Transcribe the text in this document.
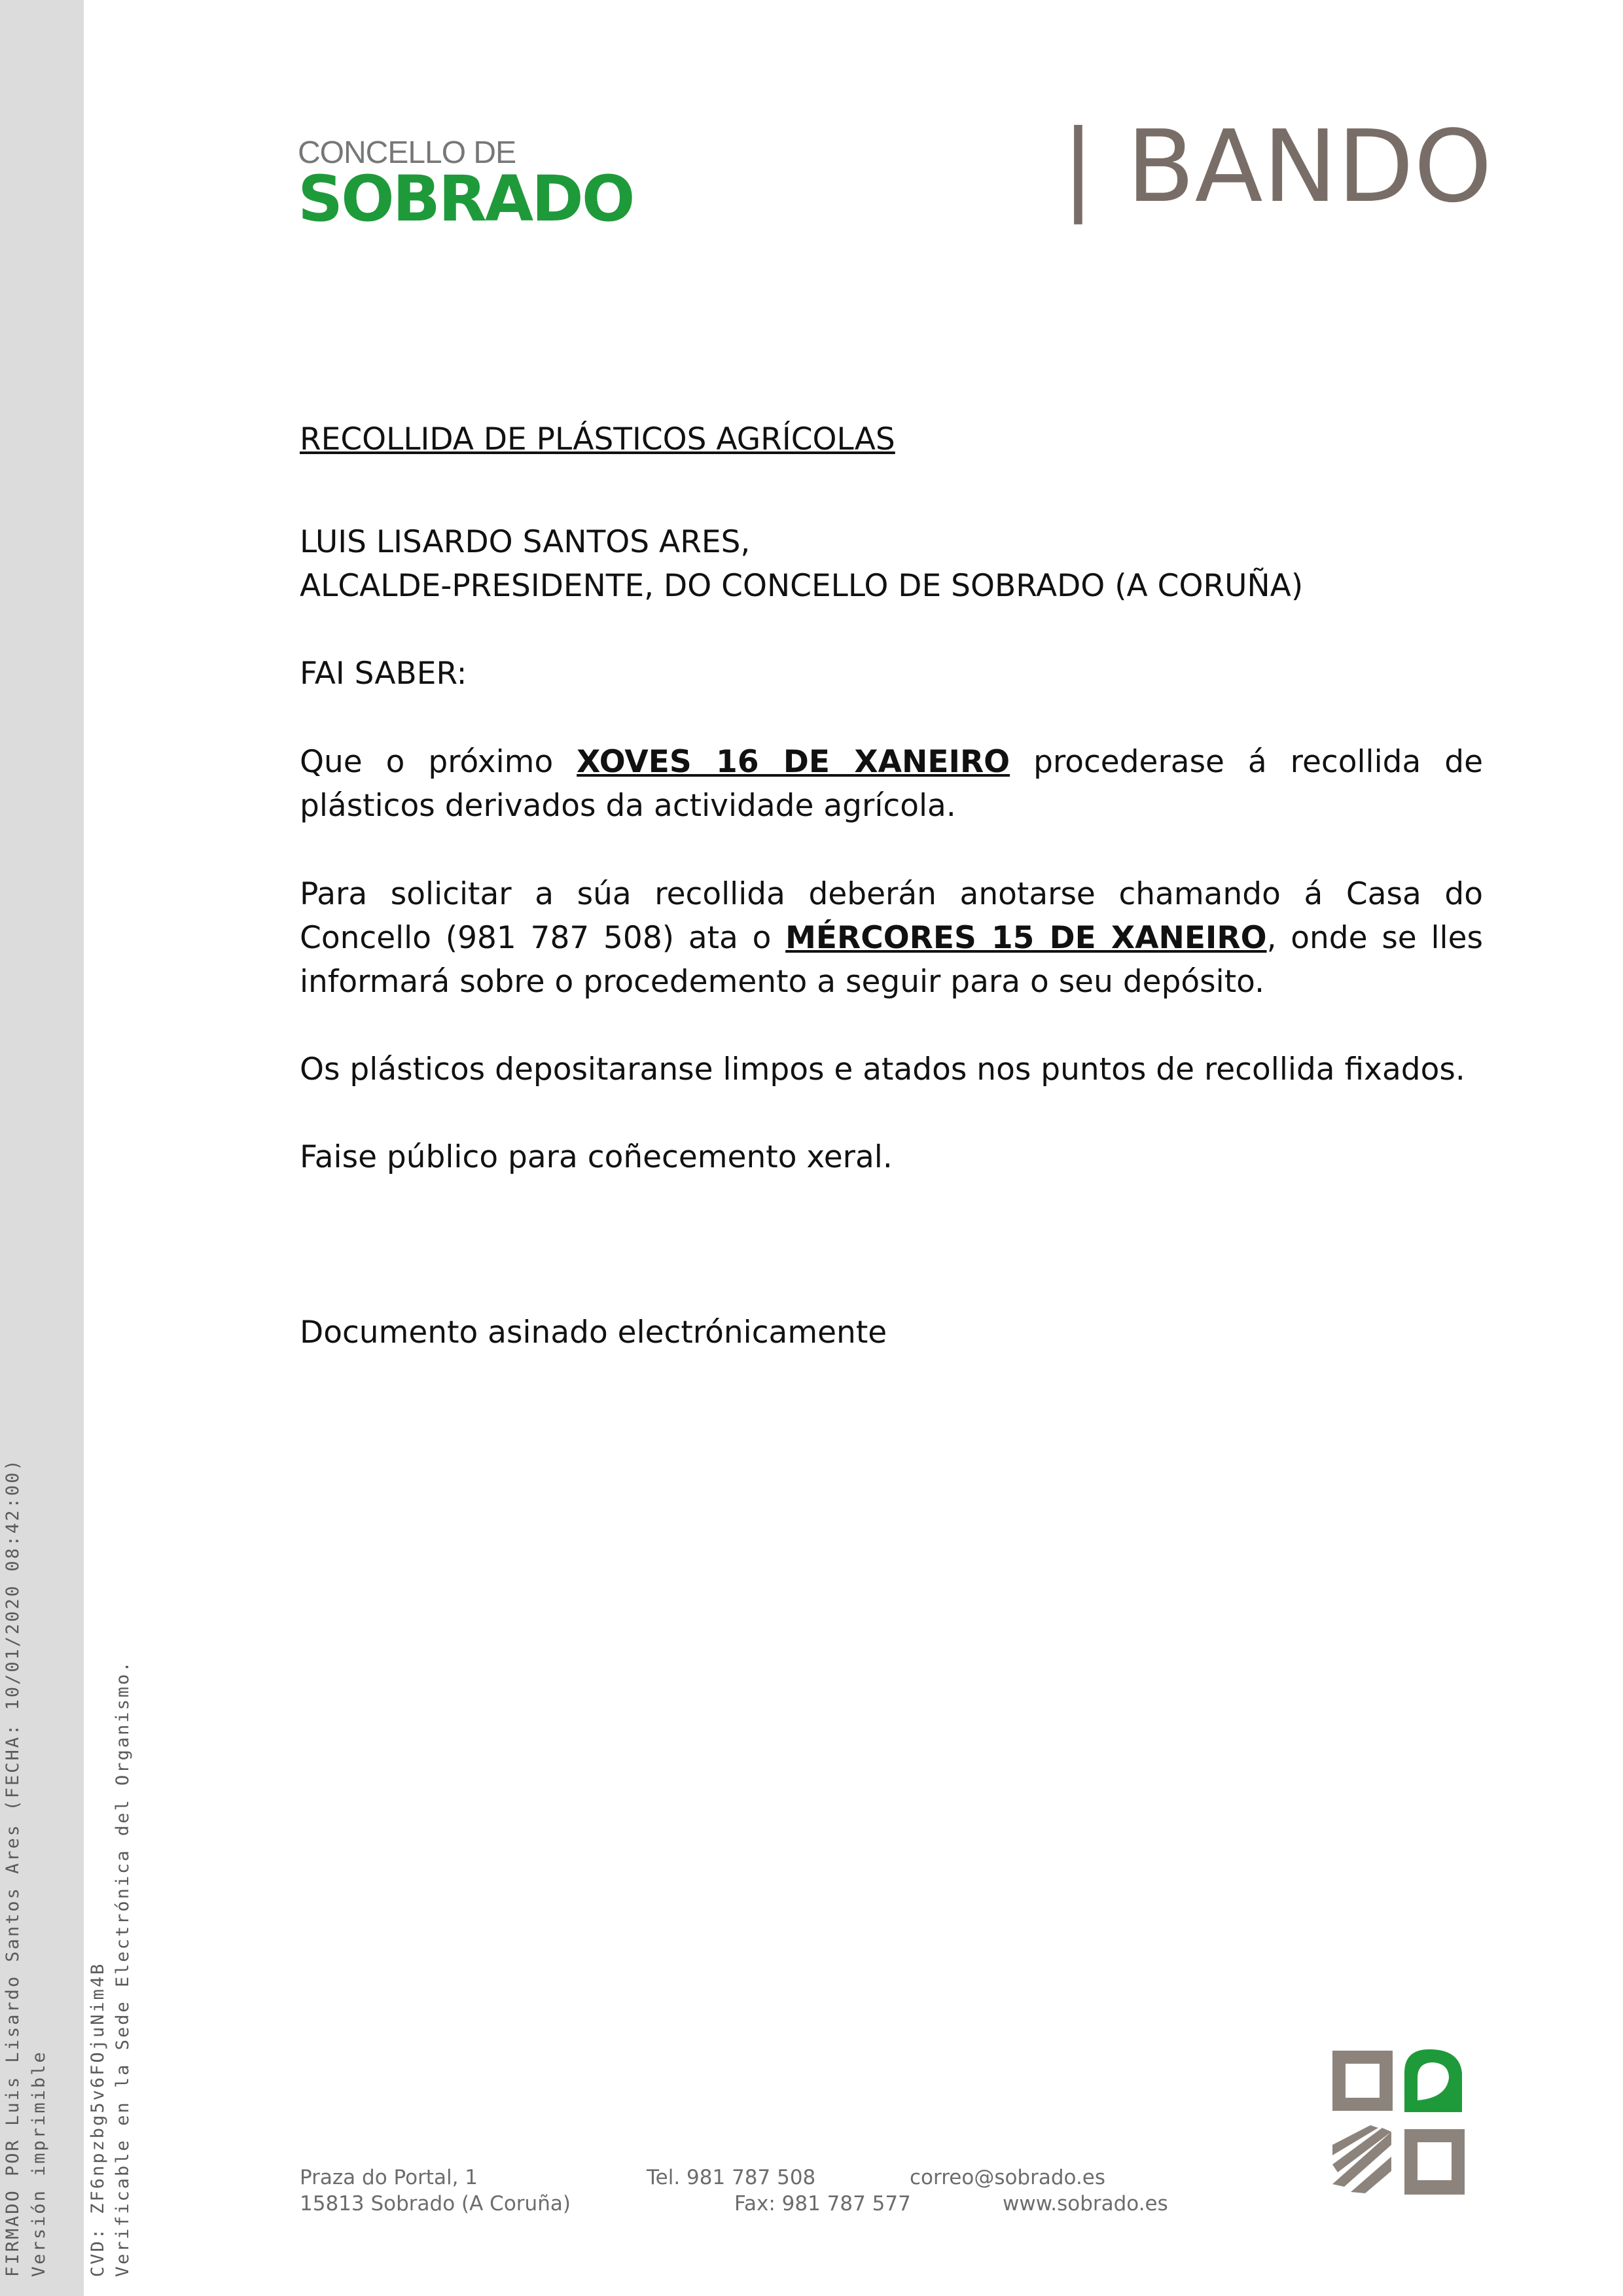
FIRMADO POR Luis Lisardo Santos Ares (FECHA: 10/01/2020 08:42:00) Versión imprimible CVD: ZF6npzbg5v6FOjuNim4B Verificable en la Sede Electrónica del Organismo.
CONCELLO DE
SOBRADO	| BANDO

RECOLLIDA DE PLÁSTICOS AGRÍCOLAS

LUIS LISARDO SANTOS ARES,

ALCALDE-PRESIDENTE, DO CONCELLO DE SOBRADO (A CORUÑA)

FAI SABER:

Que o próximo XOVES 16 DE XANEIRO procederase á recollida de plásticos derivados da actividade agrícola.

Para solicitar a súa recollida deberán anotarse chamando á Casa do Concello (981 787 508) ata o MÉRCORES 15 DE XANEIRO, onde se lles informará sobre o procedemento a seguir para o seu depósito.

Os plásticos depositaranse limpos e atados nos puntos de recollida fixados.

Faise público para coñecemento xeral.

Documento asinado electrónicamente

Praza do Portal, 1
15813 Sobrado (A Coruña)
Tel. 981 787 508
Fax: 981 787 577
correo@sobrado.es
www.sobrado.es
